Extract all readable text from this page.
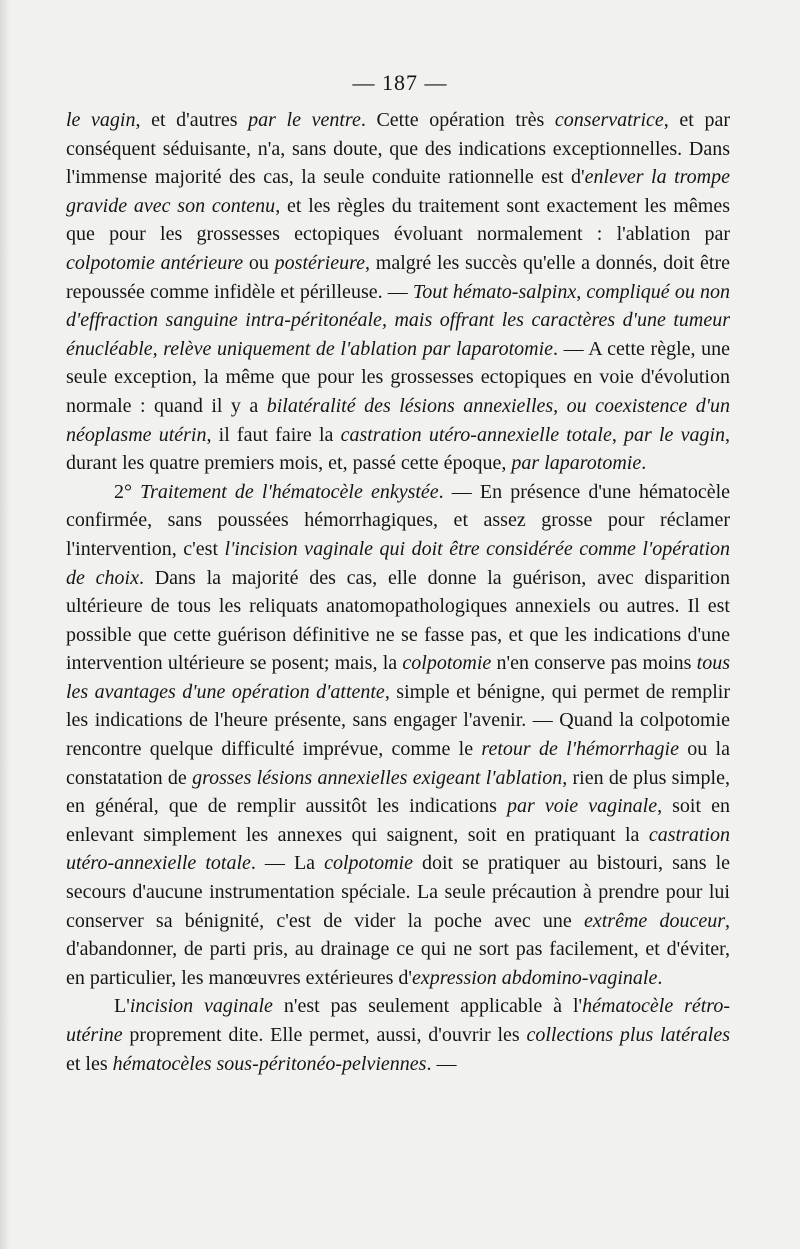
— 187 —

le vagin, et d'autres par le ventre. Cette opération très conservatrice, et par conséquent séduisante, n'a, sans doute, que des indications exceptionnelles. Dans l'immense majorité des cas, la seule conduite rationnelle est d'enlever la trompe gravide avec son contenu, et les règles du traitement sont exactement les mêmes que pour les grossesses ectopiques évoluant normalement : l'ablation par colpotomie antérieure ou postérieure, malgré les succès qu'elle a donnés, doit être repoussée comme infidèle et périlleuse. — Tout hémato-salpinx, compliqué ou non d'effraction sanguine intra-péritonéale, mais offrant les caractères d'une tumeur énucléable, relève uniquement de l'ablation par laparotomie. — A cette règle, une seule exception, la même que pour les grossesses ectopiques en voie d'évolution normale : quand il y a bilatéralité des lésions annexielles, ou coexistence d'un néoplasme utérin, il faut faire la castration utéro-annexielle totale, par le vagin, durant les quatre premiers mois, et, passé cette époque, par laparotomie.

2° Traitement de l'hématocèle enkystée. — En présence d'une hématocèle confirmée, sans poussées hémorrhagiques, et assez grosse pour réclamer l'intervention, c'est l'incision vaginale qui doit être considérée comme l'opération de choix. Dans la majorité des cas, elle donne la guérison, avec disparition ultérieure de tous les reliquats anatomopathologiques annexiels ou autres. Il est possible que cette guérison définitive ne se fasse pas, et que les indications d'une intervention ultérieure se posent; mais, la colpotomie n'en conserve pas moins tous les avantages d'une opération d'attente, simple et bénigne, qui permet de remplir les indications de l'heure présente, sans engager l'avenir. — Quand la colpotomie rencontre quelque difficulté imprévue, comme le retour de l'hémorrhagie ou la constatation de grosses lésions annexielles exigeant l'ablation, rien de plus simple, en général, que de remplir aussitôt les indications par voie vaginale, soit en enlevant simplement les annexes qui saignent, soit en pratiquant la castration utéro-annexielle totale. — La colpotomie doit se pratiquer au bistouri, sans le secours d'aucune instrumentation spéciale. La seule précaution à prendre pour lui conserver sa bénignité, c'est de vider la poche avec une extrême douceur, d'abandonner, de parti pris, au drainage ce qui ne sort pas facilement, et d'éviter, en particulier, les manœuvres extérieures d'expression abdomino-vaginale.

L'incision vaginale n'est pas seulement applicable à l'hématocèle rétro-utérine proprement dite. Elle permet, aussi, d'ouvrir les collections plus latérales et les hématocèles sous-péritonéo-pelviennes. —
